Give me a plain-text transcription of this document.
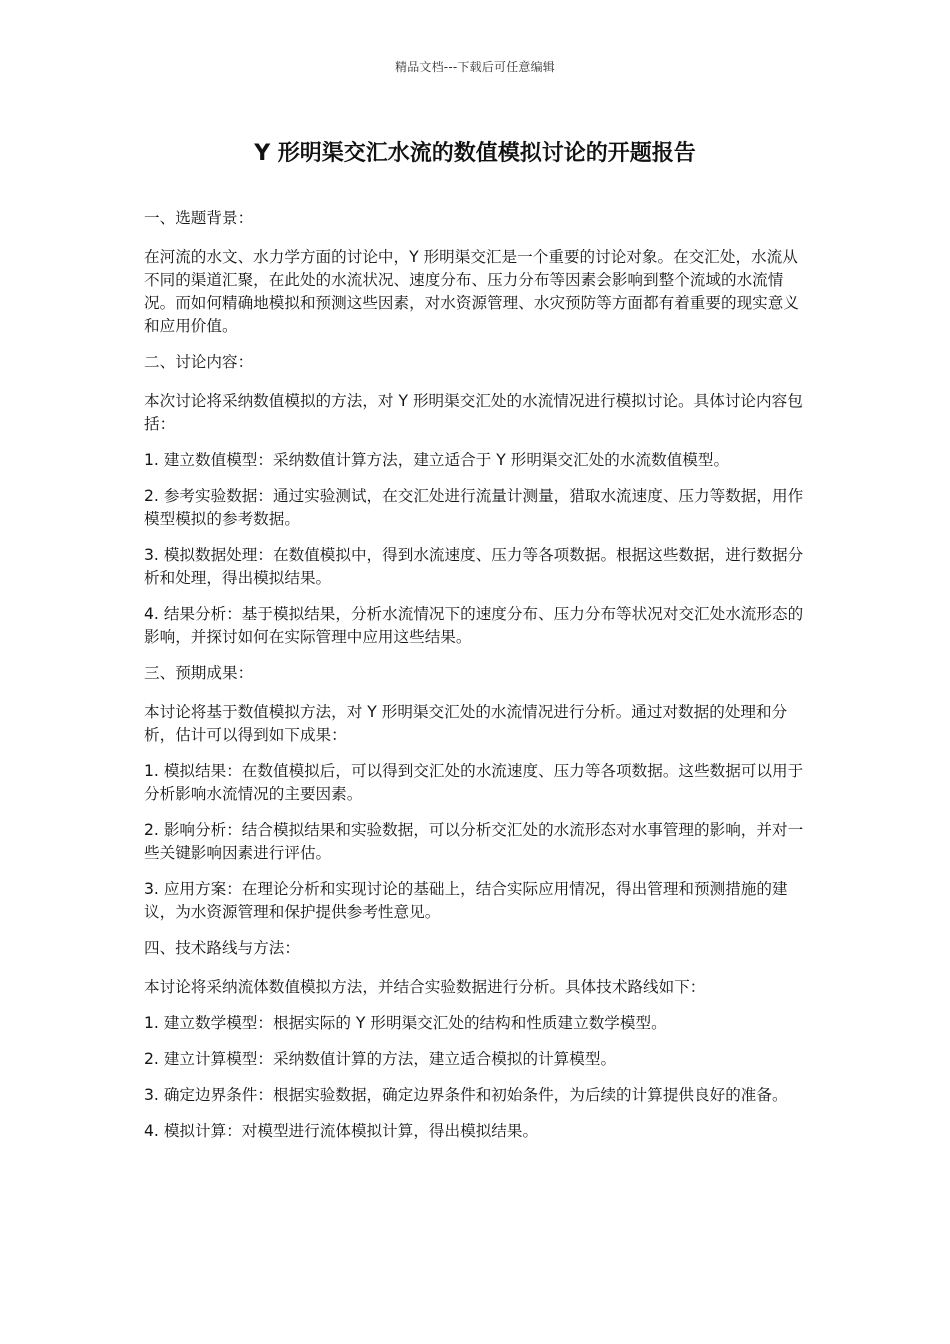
精品文档---下载后可任意编辑
Y 形明渠交汇水流的数值模拟讨论的开题报告

一、选题背景：

在河流的水文、水力学方面的讨论中，Y 形明渠交汇是一个重要的讨论对象。在交汇处，水流从不同的渠道汇聚，在此处的水流状况、速度分布、压力分布等因素会影响到整个流域的水流情况。而如何精确地模拟和预测这些因素，对水资源管理、水灾预防等方面都有着重要的现实意义和应用价值。

二、讨论内容：

本次讨论将采纳数值模拟的方法，对 Y 形明渠交汇处的水流情况进行模拟讨论。具体讨论内容包括：

1. 建立数值模型：采纳数值计算方法，建立适合于 Y 形明渠交汇处的水流数值模型。

2. 参考实验数据：通过实验测试，在交汇处进行流量计测量，猎取水流速度、压力等数据，用作模型模拟的参考数据。

3. 模拟数据处理：在数值模拟中，得到水流速度、压力等各项数据。根据这些数据，进行数据分析和处理，得出模拟结果。

4. 结果分析：基于模拟结果，分析水流情况下的速度分布、压力分布等状况对交汇处水流形态的影响，并探讨如何在实际管理中应用这些结果。

三、预期成果：

本讨论将基于数值模拟方法，对 Y 形明渠交汇处的水流情况进行分析。通过对数据的处理和分析，估计可以得到如下成果：

1. 模拟结果：在数值模拟后，可以得到交汇处的水流速度、压力等各项数据。这些数据可以用于分析影响水流情况的主要因素。

2. 影响分析：结合模拟结果和实验数据，可以分析交汇处的水流形态对水事管理的影响，并对一些关键影响因素进行评估。

3. 应用方案：在理论分析和实现讨论的基础上，结合实际应用情况，得出管理和预测措施的建议，为水资源管理和保护提供参考性意见。

四、技术路线与方法：

本讨论将采纳流体数值模拟方法，并结合实验数据进行分析。具体技术路线如下：

1. 建立数学模型：根据实际的 Y 形明渠交汇处的结构和性质建立数学模型。

2. 建立计算模型：采纳数值计算的方法，建立适合模拟的计算模型。

3. 确定边界条件：根据实验数据，确定边界条件和初始条件，为后续的计算提供良好的准备。

4. 模拟计算：对模型进行流体模拟计算，得出模拟结果。
